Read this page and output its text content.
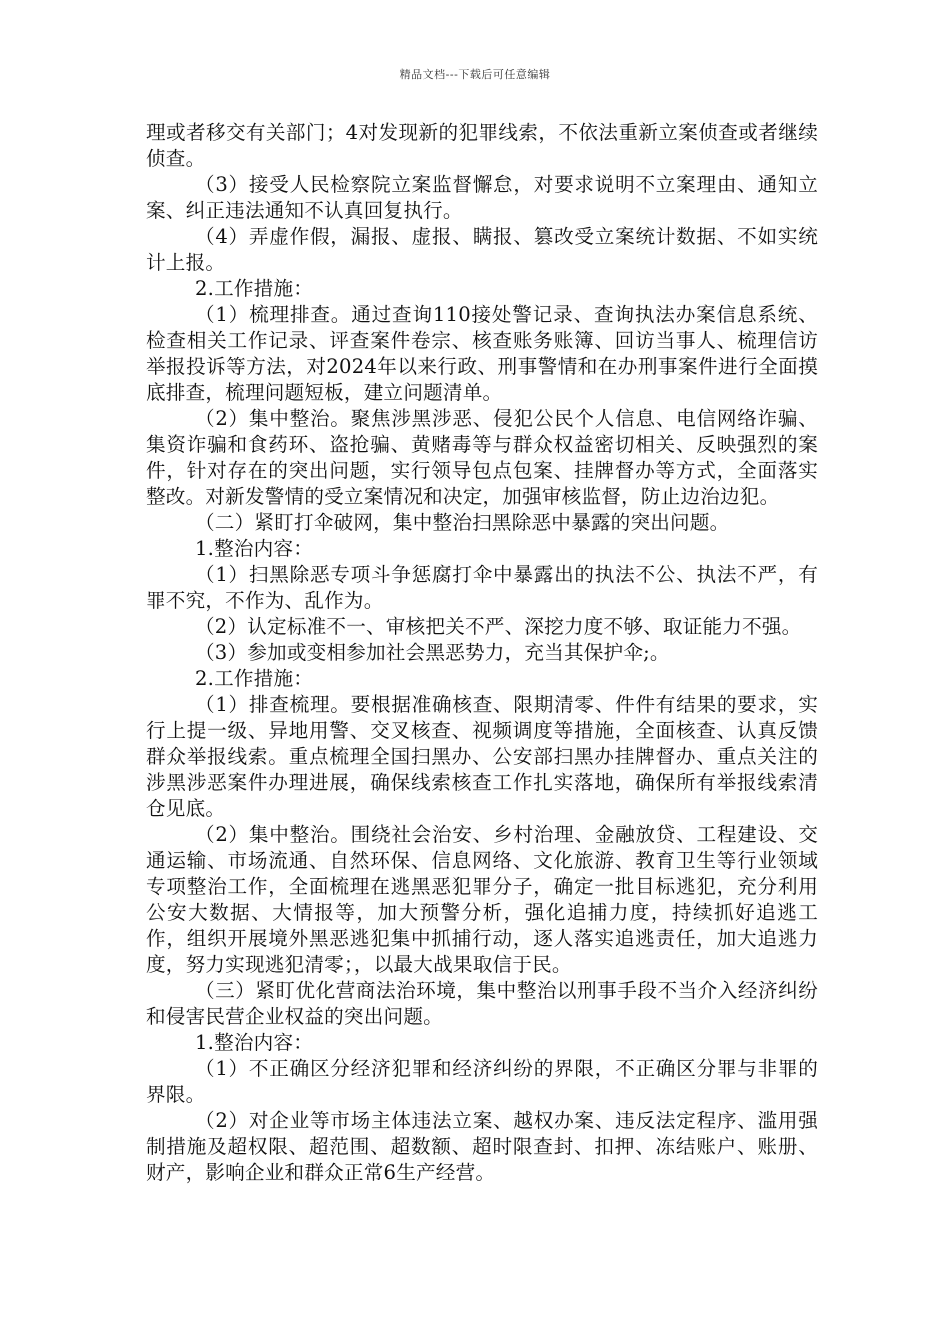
精品文档---下载后可任意编辑

理或者移交有关部门；4对发现新的犯罪线索，不依法重新立案侦查或者继续侦查。

（3）接受人民检察院立案监督懈怠，对要求说明不立案理由、通知立案、纠正违法通知不认真回复执行。

（4）弄虚作假，漏报、虚报、瞒报、篡改受立案统计数据、不如实统计上报。

2.工作措施：

（1）梳理排查。通过查询110接处警记录、查询执法办案信息系统、检查相关工作记录、评查案件卷宗、核查账务账簿、回访当事人、梳理信访举报投诉等方法，对2024年以来行政、刑事警情和在办刑事案件进行全面摸底排查，梳理问题短板，建立问题清单。

（2）集中整治。聚焦涉黑涉恶、侵犯公民个人信息、电信网络诈骗、集资诈骗和食药环、盗抢骗、黄赌毒等与群众权益密切相关、反映强烈的案件，针对存在的突出问题，实行领导包点包案、挂牌督办等方式，全面落实整改。对新发警情的受立案情况和决定，加强审核监督，防止边治边犯。

（二）紧盯打伞破网，集中整治扫黑除恶中暴露的突出问题。

1.整治内容：

（1）扫黑除恶专项斗争惩腐打伞中暴露出的执法不公、执法不严，有罪不究，不作为、乱作为。

（2）认定标准不一、审核把关不严、深挖力度不够、取证能力不强。

（3）参加或变相参加社会黑恶势力，充当其保护伞;。

2.工作措施：

（1）排查梳理。要根据准确核查、限期清零、件件有结果的要求，实行上提一级、异地用警、交叉核查、视频调度等措施，全面核查、认真反馈群众举报线索。重点梳理全国扫黑办、公安部扫黑办挂牌督办、重点关注的涉黑涉恶案件办理进展，确保线索核查工作扎实落地，确保所有举报线索清仓见底。

（2）集中整治。围绕社会治安、乡村治理、金融放贷、工程建设、交通运输、市场流通、自然环保、信息网络、文化旅游、教育卫生等行业领域专项整治工作，全面梳理在逃黑恶犯罪分子，确定一批目标逃犯，充分利用公安大数据、大情报等，加大预警分析，强化追捕力度，持续抓好追逃工作，组织开展境外黑恶逃犯集中抓捕行动，逐人落实追逃责任，加大追逃力度，努力实现逃犯清零；，以最大战果取信于民。

（三）紧盯优化营商法治环境，集中整治以刑事手段不当介入经济纠纷和侵害民营企业权益的突出问题。

1.整治内容：

（1）不正确区分经济犯罪和经济纠纷的界限，不正确区分罪与非罪的界限。

（2）对企业等市场主体违法立案、越权办案、违反法定程序、滥用强制措施及超权限、超范围、超数额、超时限查封、扣押、冻结账户、账册、财产，影响企业和群众正常6生产经营。
